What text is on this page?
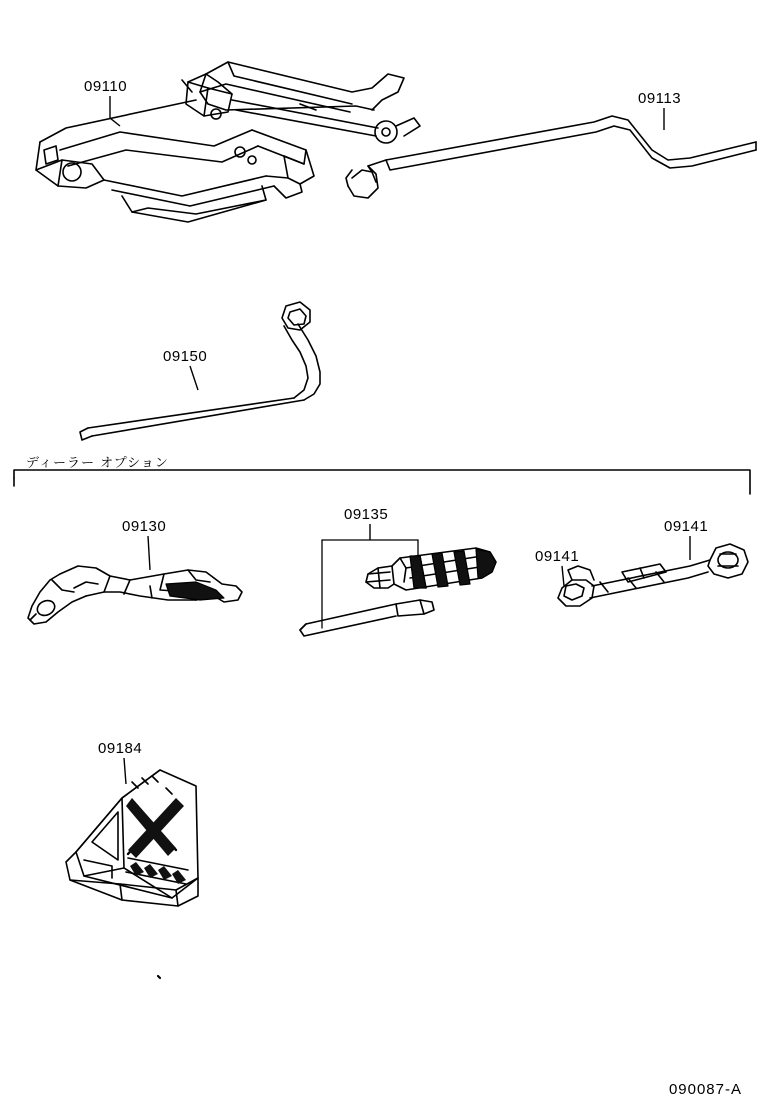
09110
09113
09150
09130
09135
09141
09141
09184
ディーラー オプション
090087-A
